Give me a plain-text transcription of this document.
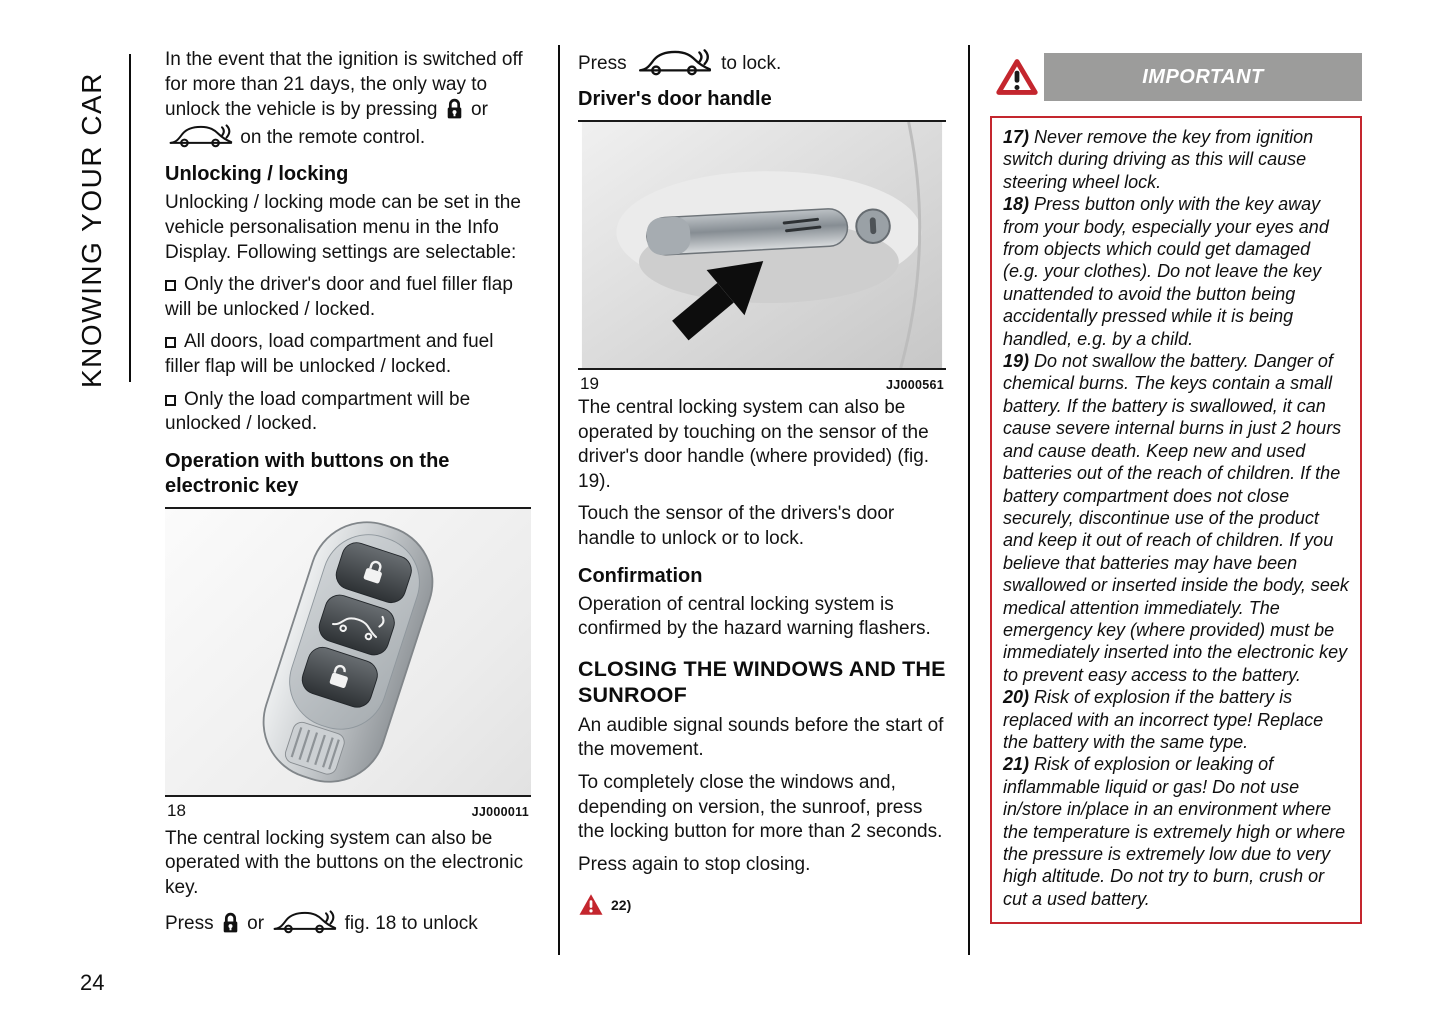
KNOWING YOUR CAR
24

In the event that the ignition is switched off for more than 21 days, the only way to unlock the vehicle is by pressing or  on the remote control.

Unlocking / locking

Unlocking / locking mode can be set in the vehicle personalisation menu in the Info Display. Following settings are selectable:

Only the driver's door and fuel filler flap will be unlocked / locked.

All doors, load compartment and fuel filler flap will be unlocked / locked.

Only the load compartment will be unlocked / locked.

Operation with buttons on the electronic key
18	JJ000011

The central locking system can also be operated with the buttons on the electronic key.

Press or	fig. 18 to unlock

Press	to lock.

Driver's door handle
19	JJ000561

The central locking system can also be operated by touching on the sensor of the driver's door handle (where provided) (fig. 19).

Touch the sensor of the drivers's door handle to unlock or to lock.

Confirmation

Operation of central locking system is confirmed by the hazard warning flashers.

CLOSING THE WINDOWS AND THE SUNROOF

An audible signal sounds before the start of the movement.

To completely close the windows and, depending on version, the sunroof, press the locking button for more than 2 seconds.

Press again to stop closing.

22)
IMPORTANT

17) Never remove the key from ignition switch during driving as this will cause steering wheel lock.

18) Press button only with the key away from your body, especially your eyes and from objects which could get damaged (e.g. your clothes). Do not leave the key unattended to avoid the button being accidentally pressed while it is being handled, e.g. by a child.

19) Do not swallow the battery. Danger of chemical burns. The keys contain a small battery. If the battery is swallowed, it can cause severe internal burns in just 2 hours and cause death. Keep new and used batteries out of the reach of children. If the battery compartment does not close securely, discontinue use of the product and keep it out of reach of children. If you believe that batteries may have been swallowed or inserted inside the body, seek medical attention immediately. The emergency key (where provided) must be immediately inserted into the electronic key to prevent easy access to the battery.

20) Risk of explosion if the battery is replaced with an incorrect type! Replace the battery with the same type.

21) Risk of explosion or leaking of inflammable liquid or gas! Do not use in/store in/place in an environment where the temperature is extremely high or where the pressure is extremely low due to very high altitude. Do not try to burn, crush or cut a used battery.
